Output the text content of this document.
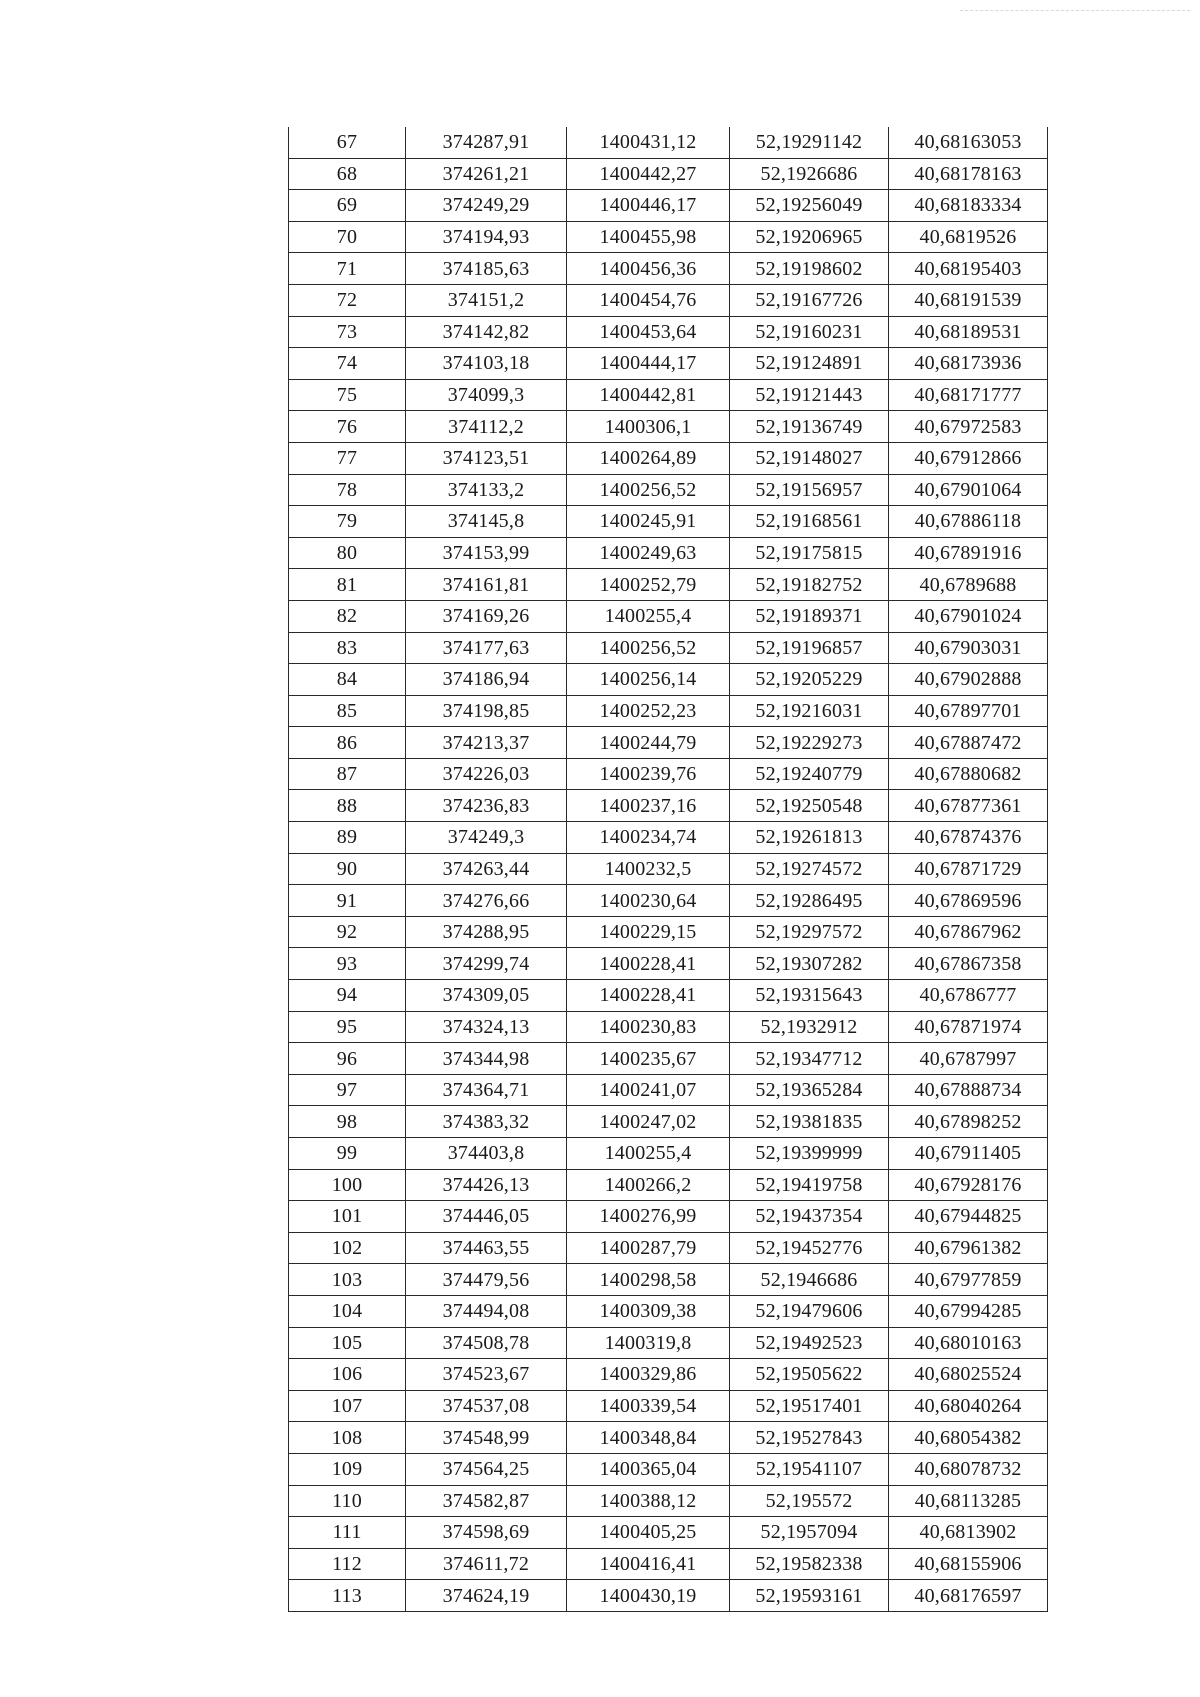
67	374287,91	1400431,12	52,19291142	40,68163053
68	374261,21	1400442,27	52,1926686	40,68178163
69	374249,29	1400446,17	52,19256049	40,68183334
70	374194,93	1400455,98	52,19206965	40,6819526
71	374185,63	1400456,36	52,19198602	40,68195403
72	374151,2	1400454,76	52,19167726	40,68191539
73	374142,82	1400453,64	52,19160231	40,68189531
74	374103,18	1400444,17	52,19124891	40,68173936
75	374099,3	1400442,81	52,19121443	40,68171777
76	374112,2	1400306,1	52,19136749	40,67972583
77	374123,51	1400264,89	52,19148027	40,67912866
78	374133,2	1400256,52	52,19156957	40,67901064
79	374145,8	1400245,91	52,19168561	40,67886118
80	374153,99	1400249,63	52,19175815	40,67891916
81	374161,81	1400252,79	52,19182752	40,6789688
82	374169,26	1400255,4	52,19189371	40,67901024
83	374177,63	1400256,52	52,19196857	40,67903031
84	374186,94	1400256,14	52,19205229	40,67902888
85	374198,85	1400252,23	52,19216031	40,67897701
86	374213,37	1400244,79	52,19229273	40,67887472
87	374226,03	1400239,76	52,19240779	40,67880682
88	374236,83	1400237,16	52,19250548	40,67877361
89	374249,3	1400234,74	52,19261813	40,67874376
90	374263,44	1400232,5	52,19274572	40,67871729
91	374276,66	1400230,64	52,19286495	40,67869596
92	374288,95	1400229,15	52,19297572	40,67867962
93	374299,74	1400228,41	52,19307282	40,67867358
94	374309,05	1400228,41	52,19315643	40,6786777
95	374324,13	1400230,83	52,1932912	40,67871974
96	374344,98	1400235,67	52,19347712	40,6787997
97	374364,71	1400241,07	52,19365284	40,67888734
98	374383,32	1400247,02	52,19381835	40,67898252
99	374403,8	1400255,4	52,19399999	40,67911405
100	374426,13	1400266,2	52,19419758	40,67928176
101	374446,05	1400276,99	52,19437354	40,67944825
102	374463,55	1400287,79	52,19452776	40,67961382
103	374479,56	1400298,58	52,1946686	40,67977859
104	374494,08	1400309,38	52,19479606	40,67994285
105	374508,78	1400319,8	52,19492523	40,68010163
106	374523,67	1400329,86	52,19505622	40,68025524
107	374537,08	1400339,54	52,19517401	40,68040264
108	374548,99	1400348,84	52,19527843	40,68054382
109	374564,25	1400365,04	52,19541107	40,68078732
110	374582,87	1400388,12	52,195572	40,68113285
111	374598,69	1400405,25	52,1957094	40,6813902
112	374611,72	1400416,41	52,19582338	40,68155906
113	374624,19	1400430,19	52,19593161	40,68176597
